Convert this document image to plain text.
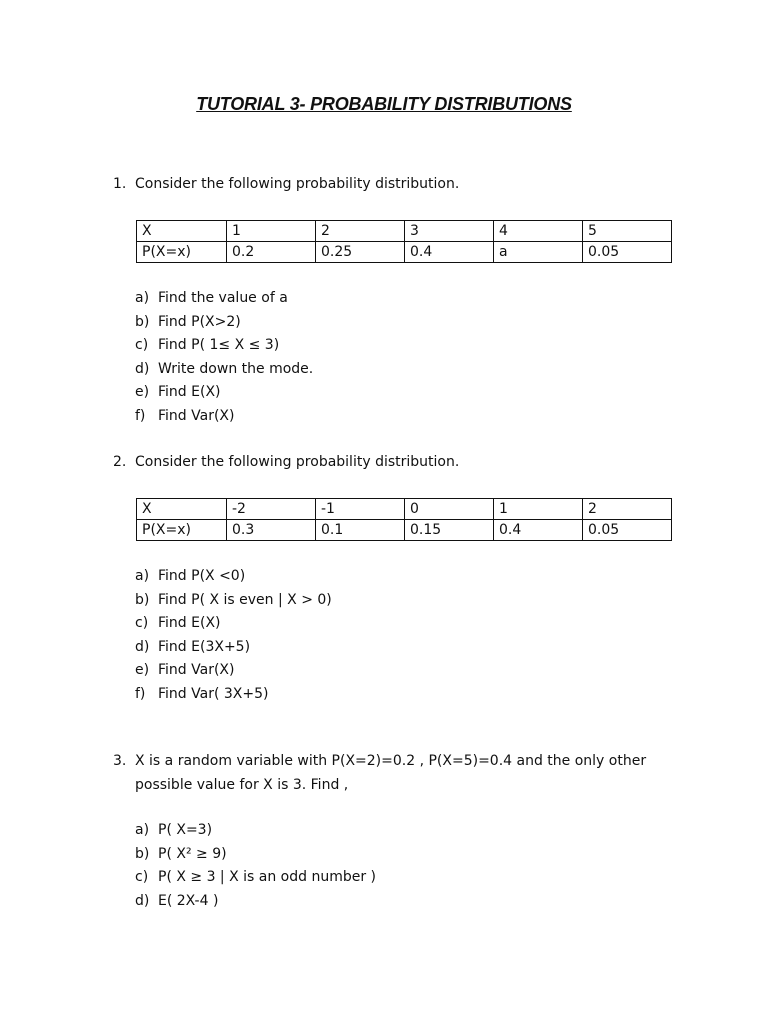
TUTORIAL 3- PROBABILITY DISTRIBUTIONS
1. Consider the following probability distribution.
X	1	2	3	4	5
P(X=x)	0.2	0.25	0.4	a	0.05
a) Find the value of a
b) Find P(X>2)
c) Find P( 1≤ X ≤ 3)
d) Write down the mode.
e) Find E(X)
f) Find Var(X)
2. Consider the following probability distribution.
X	-2	-1	0	1	2
P(X=x)	0.3	0.1	0.15	0.4	0.05
a) Find P(X <0)
b) Find P( X is even | X > 0)
c) Find E(X)
d) Find E(3X+5)
e) Find Var(X)
f) Find Var( 3X+5)
3. X is a random variable with P(X=2)=0.2 , P(X=5)=0.4 and the only other
possible value for X is 3. Find ,
a) P( X=3)
b) P( X² ≥ 9)
c) P( X ≥ 3 | X is an odd number )
d) E( 2X-4 )
